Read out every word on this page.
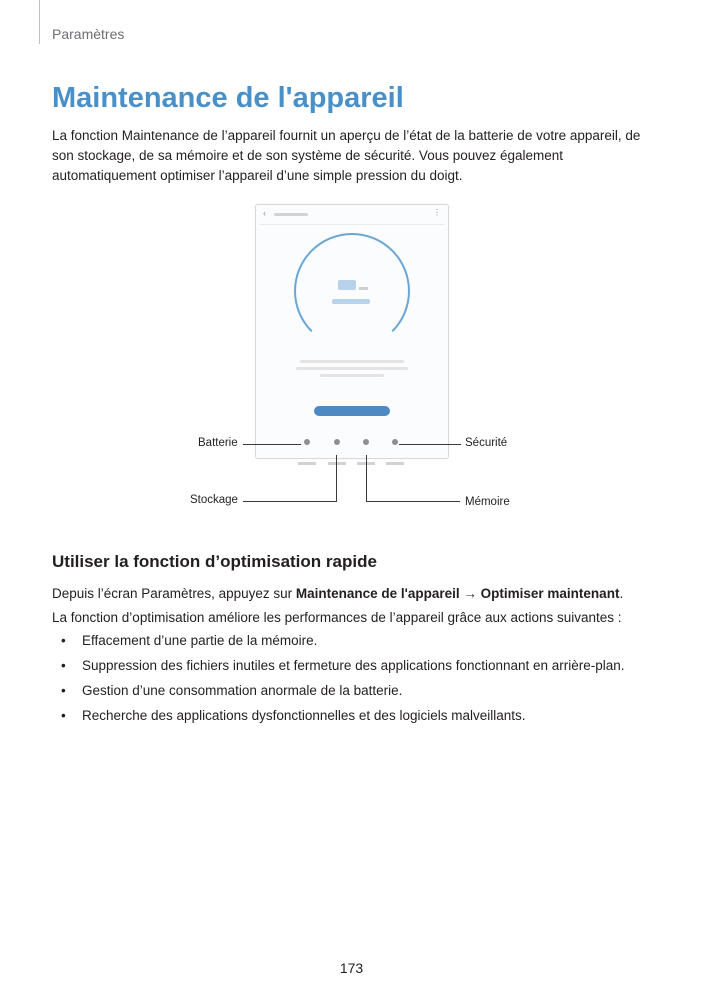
Paramètres
Maintenance de l'appareil

La fonction Maintenance de l’appareil fournit un aperçu de l’état de la batterie de votre appareil, de son stockage, de sa mémoire et de son système de sécurité. Vous pouvez également automatiquement optimiser l’appareil d’une simple pression du doigt.

‹	⋮
Batterie	Sécurité
Stockage	Mémoire
Utiliser la fonction d’optimisation rapide

Depuis l’écran Paramètres, appuyez sur Maintenance de l'appareil → Optimiser maintenant.

La fonction d’optimisation améliore les performances de l’appareil grâce aux actions suivantes :

• Effacement d’une partie de la mémoire.
• Suppression des fichiers inutiles et fermeture des applications fonctionnant en arrière-plan.
• Gestion d’une consommation anormale de la batterie.
• Recherche des applications dysfonctionnelles et des logiciels malveillants.
173
